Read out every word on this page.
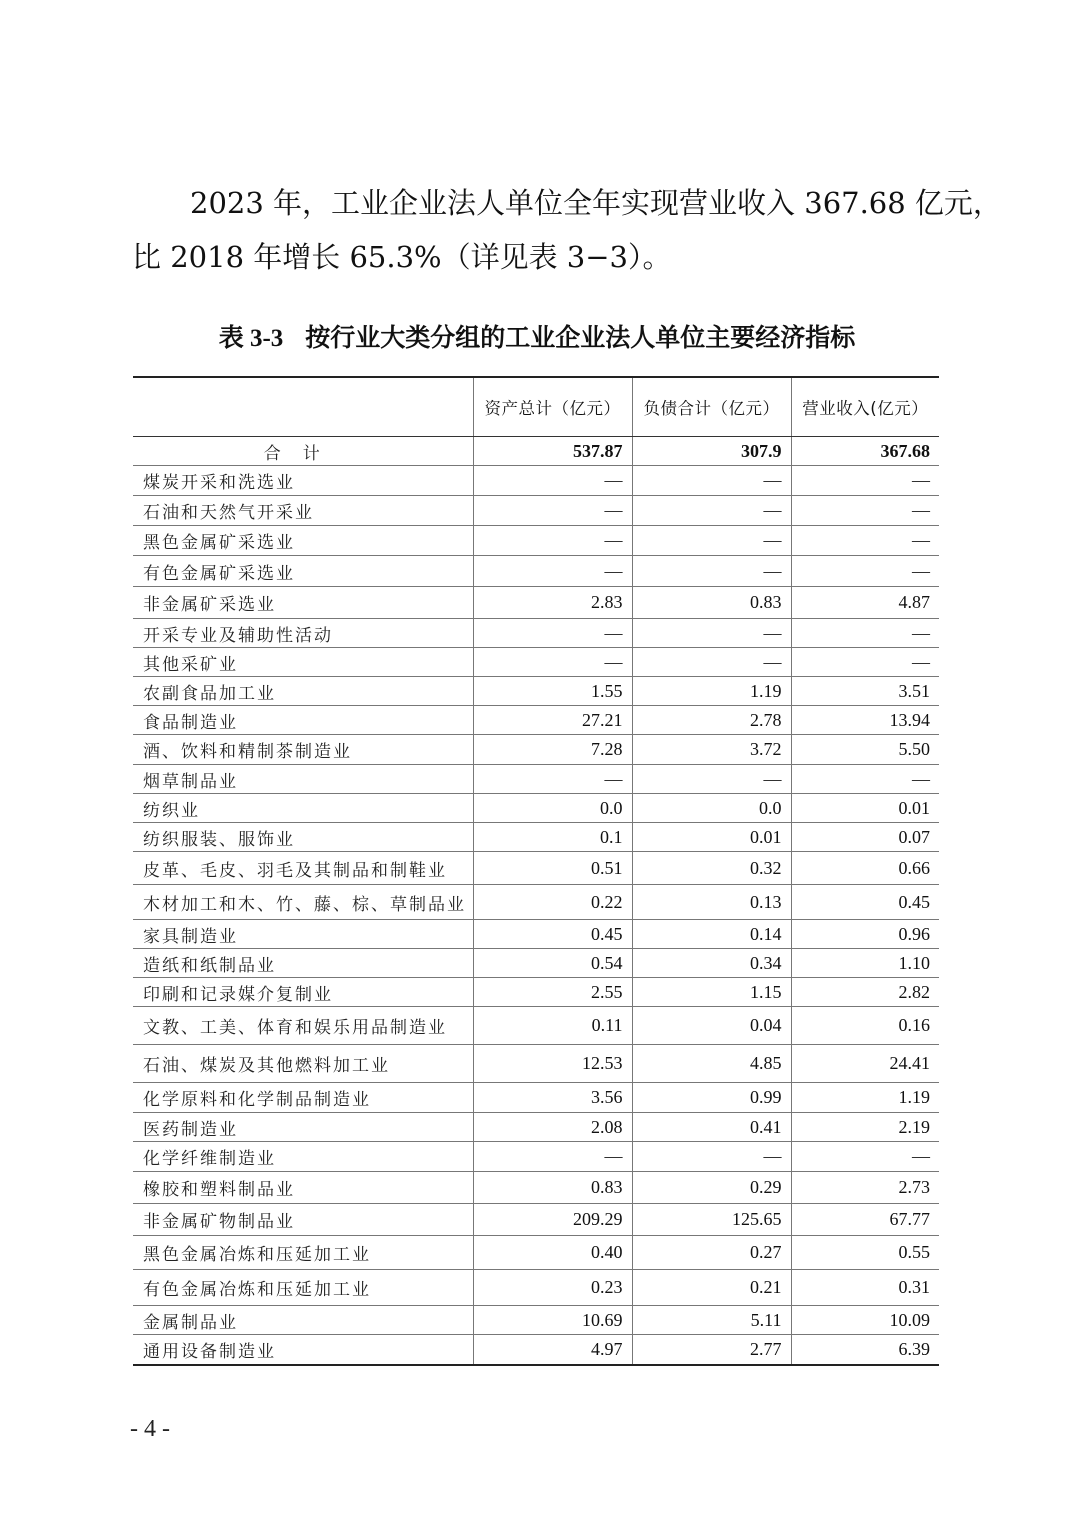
2023 年，工业企业法人单位全年实现营业收入 367.68 亿元，
比 2018 年增长 65.3%（详见表 3−3）。

表 3-3 按行业大类分组的工业企业法人单位主要经济指标
	资产总计（亿元）	负债合计（亿元）	营业收入(亿元）
合计	537.87	307.9	367.68
煤炭开采和洗选业	—	—	—
石油和天然气开采业	—	—	—
黑色金属矿采选业	—	—	—
有色金属矿采选业	—	—	—
非金属矿采选业	2.83	0.83	4.87
开采专业及辅助性活动	—	—	—
其他采矿业	—	—	—
农副食品加工业	1.55	1.19	3.51
食品制造业	27.21	2.78	13.94
酒、饮料和精制茶制造业	7.28	3.72	5.50
烟草制品业	—	—	—
纺织业	0.0	0.0	0.01
纺织服装、服饰业	0.1	0.01	0.07
皮革、毛皮、羽毛及其制品和制鞋业	0.51	0.32	0.66
木材加工和木、竹、藤、棕、草制品业	0.22	0.13	0.45
家具制造业	0.45	0.14	0.96
造纸和纸制品业	0.54	0.34	1.10
印刷和记录媒介复制业	2.55	1.15	2.82
文教、工美、体育和娱乐用品制造业	0.11	0.04	0.16
石油、煤炭及其他燃料加工业	12.53	4.85	24.41
化学原料和化学制品制造业	3.56	0.99	1.19
医药制造业	2.08	0.41	2.19
化学纤维制造业	—	—	—
橡胶和塑料制品业	0.83	0.29	2.73
非金属矿物制品业	209.29	125.65	67.77
黑色金属冶炼和压延加工业	0.40	0.27	0.55
有色金属冶炼和压延加工业	0.23	0.21	0.31
金属制品业	10.69	5.11	10.09
通用设备制造业	4.97	2.77	6.39
- 4 -
